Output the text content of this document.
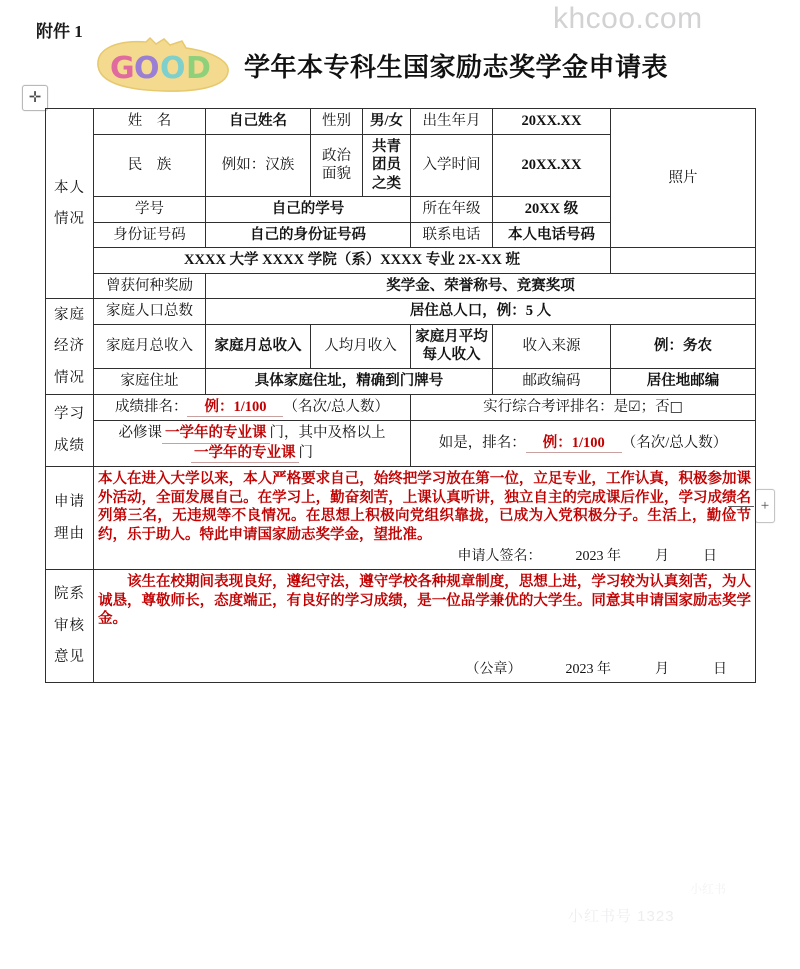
khcoo.com
小红书号 1323
小红书
附件 1
G O O D 学年本专科生国家励志奖学金申请表
✛
+
本人
情况	姓　名	自己姓名	性别	男/女	出生年月	20XX.XX	照片
	民　族	例如：汉族	政治面貌	共青团员之类	入学时间	20XX.XX	
	学号	自己的学号			所在年级	20XX 级	
	身份证号码	自己的身份证号码			联系电话	本人电话号码	
	XXXX 大学 XXXX 学院（系）XXXX 专业 2X-XX 班						
	曾获何种奖励	奖学金、荣誉称号、竞赛奖项					

家庭
经济
情况	家庭人口总数	居住总人口，例：5 人					
	家庭月总收入	家庭月总收入	人均月收入		家庭月平均每人收入	收入来源	例：务农
	家庭住址	具体家庭住址，精确到门牌号				邮政编码	居住地邮编

学习
成绩	成绩排名： 例：1/100 （名次/总人数）				实行综合考评排名：是☑；否□		
	必修课 一学年的专业课 门，其中及格以上一学年的专业课 门				如是，排名： 例：1/100 （名次/总人数）		

申请
理由	本人在进入大学以来，本人严格要求自己，始终把学习放在第一位，立足专业，工作认真，积极参加课外活动，全面发展自己。在学习上，勤奋刻苦，上课认真听讲，独立自主的完成课后作业，学习成绩名列第三名，无违规等不良情况。在思想上积极向党组织靠拢，已成为入党积极分子。生活上，勤俭节约，乐于助人。特此申请国家励志奖学金，望批准。
申请人签名： 2023 年 月 日						

院系
审核
意见	该生在校期间表现良好，遵纪守法，遵守学校各种规章制度，思想上进，学习较为认真刻苦，为人诚恳，尊敬师长，态度端正，有良好的学习成绩，是一位品学兼优的大学生。同意其申请国家励志奖学金。
（公章） 2023 年 月 日						
